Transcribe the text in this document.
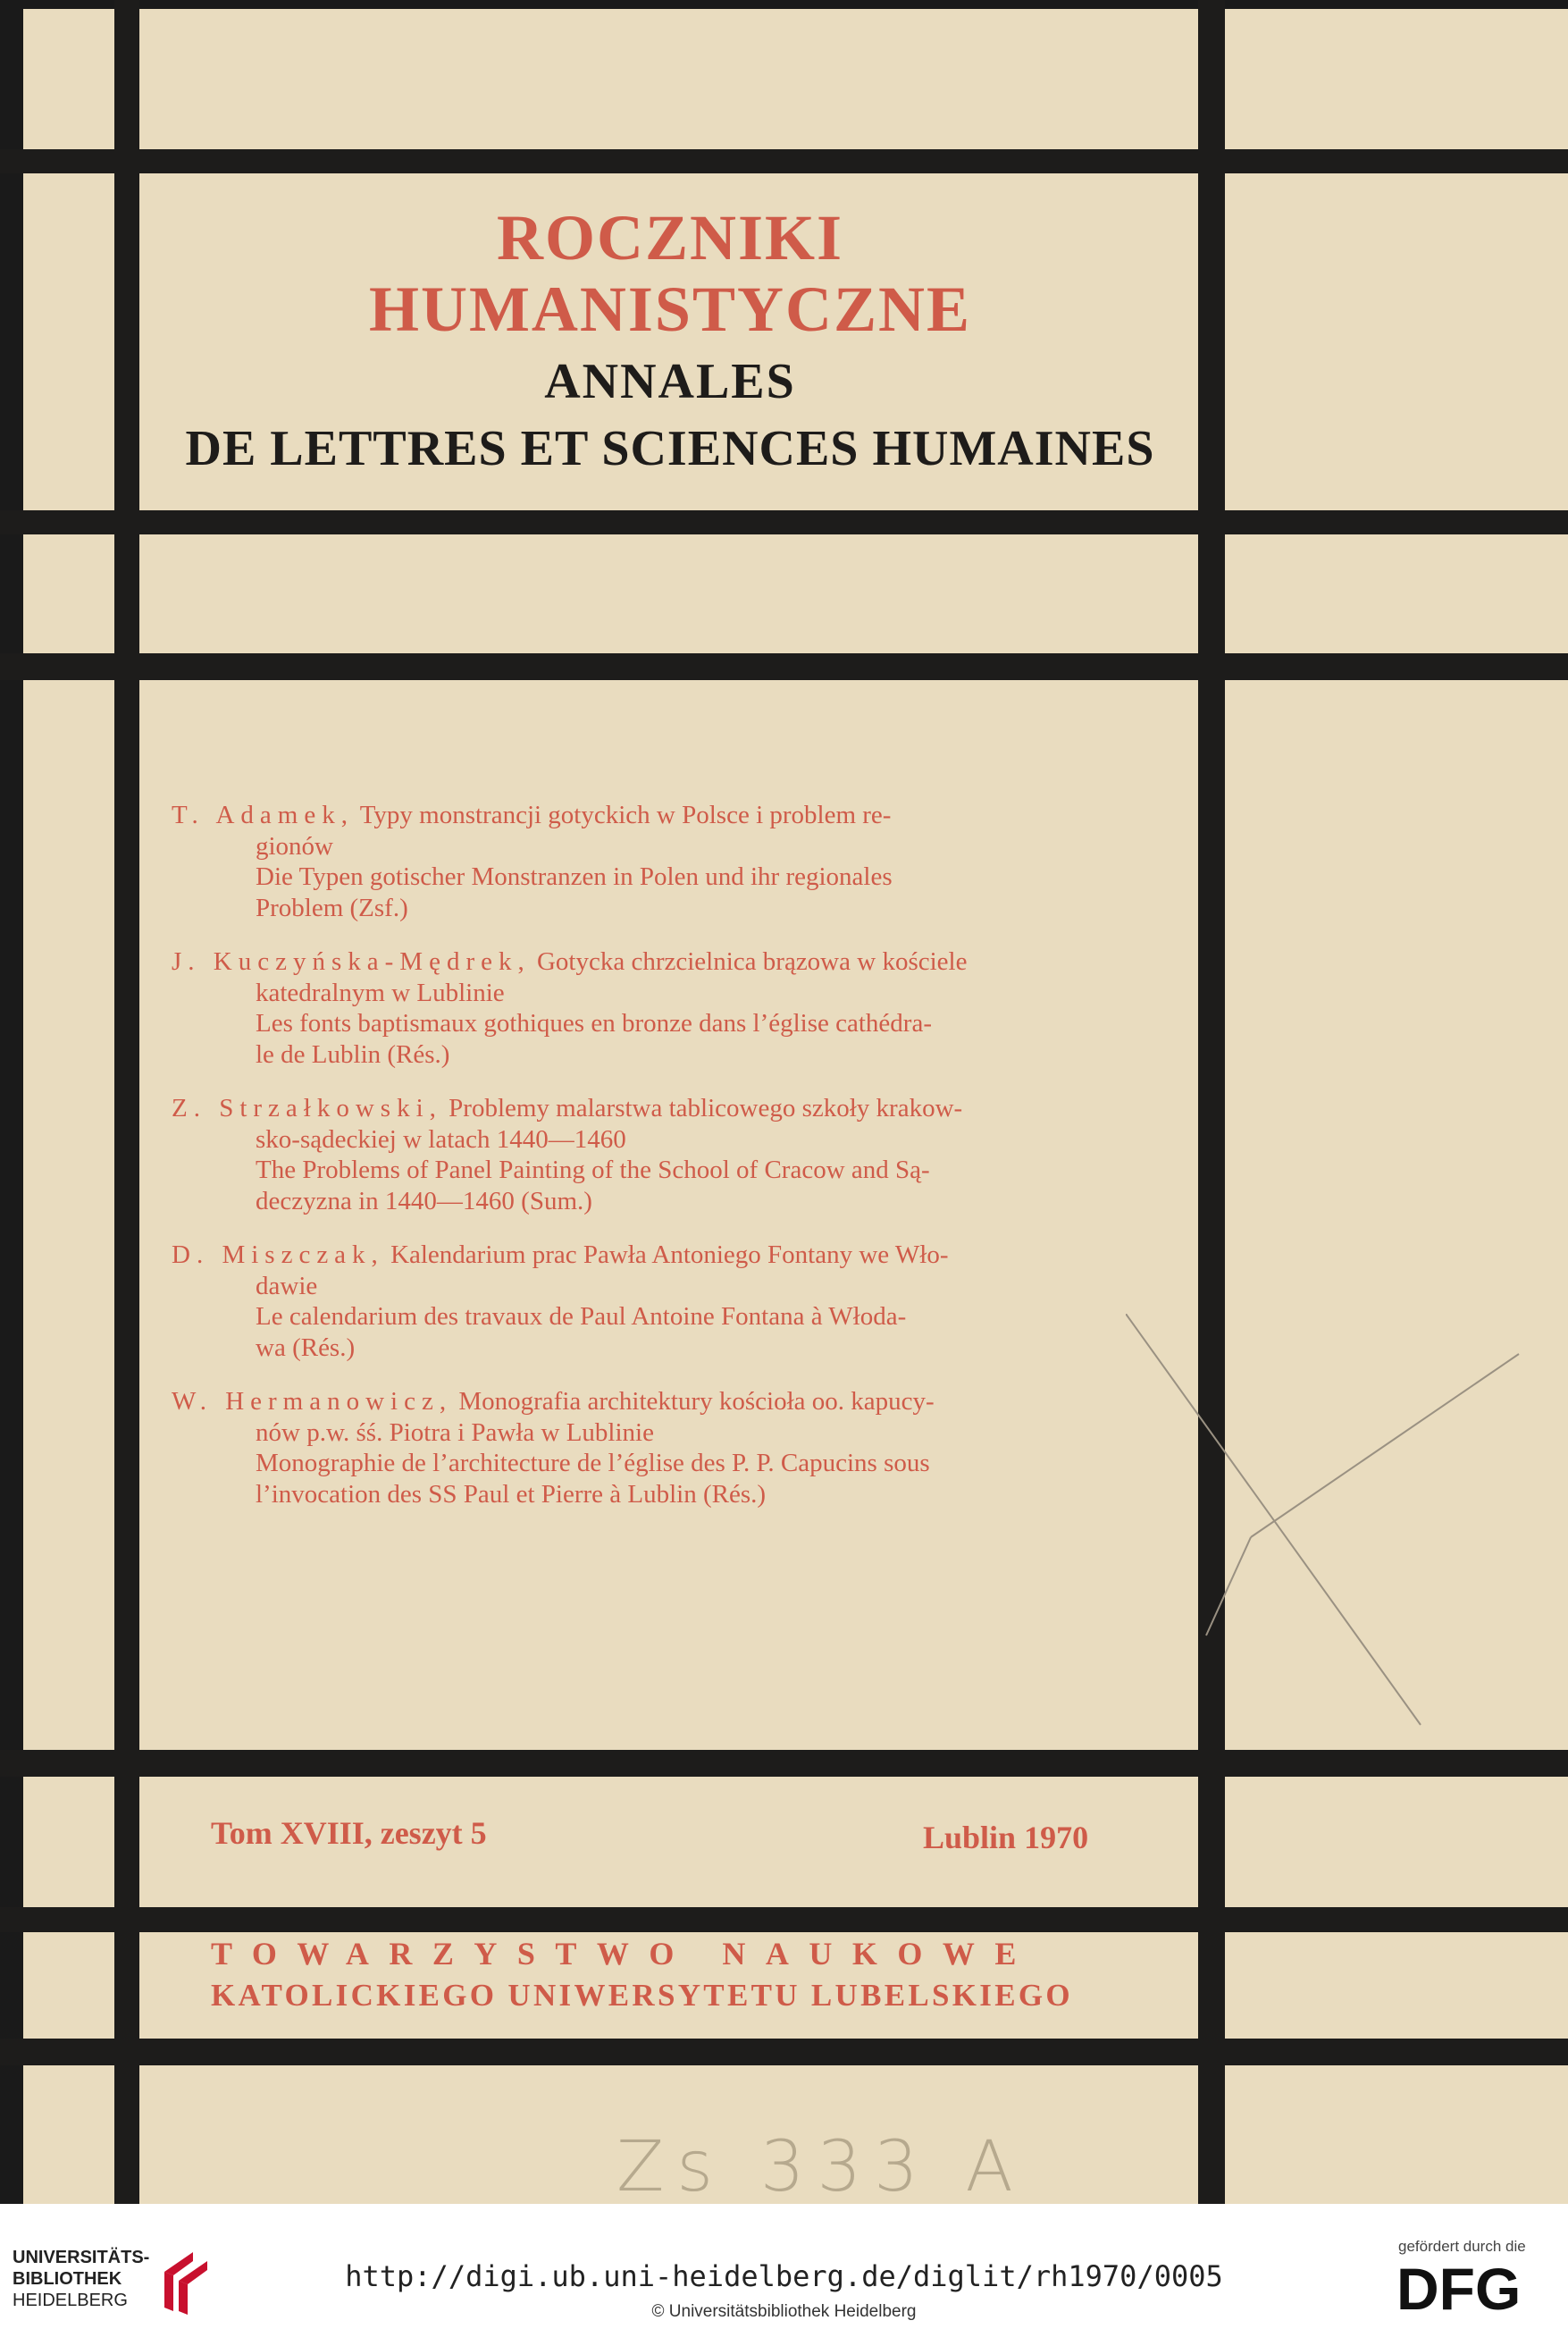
ROCZNIKI
HUMANISTYCZNE
ANNALES
DE LETTRES ET SCIENCES HUMAINES
T. Adamek, Typy monstrancji gotyckich w Polsce i problem re-
gionów
Die Typen gotischer Monstranzen in Polen und ihr regionales
Problem (Zsf.)
J. Kuczyńska-Mędrek, Gotycka chrzcielnica brązowa w kościele
katedralnym w Lublinie
Les fonts baptismaux gothiques en bronze dans l’église cathédra-
le de Lublin (Rés.)
Z. Strzałkowski, Problemy malarstwa tablicowego szkoły krakow-
sko-sądeckiej w latach 1440—1460
The Problems of Panel Painting of the School of Cracow and Są-
deczyzna in 1440—1460 (Sum.)
D. Miszczak, Kalendarium prac Pawła Antoniego Fontany we Wło-
dawie
Le calendarium des travaux de Paul Antoine Fontana à Włoda-
wa (Rés.)
W. Hermanowicz, Monografia architektury kościoła oo. kapucy-
nów p.w. śś. Piotra i Pawła w Lublinie
Monographie de l’architecture de l’église des P. P. Capucins sous
l’invocation des SS Paul et Pierre à Lublin (Rés.)
Tom XVIII, zeszyt 5	Lublin 1970
TOWARZYSTWO NAUKOWE
KATOLICKIEGO UNIWERSYTETU LUBELSKIEGO
Zs 333 A
UNIVERSITÄTS-
BIBLIOTHEK
HEIDELBERG
http://digi.ub.uni-heidelberg.de/diglit/rh1970/0005
© Universitätsbibliothek Heidelberg
gefördert durch die
DFG
